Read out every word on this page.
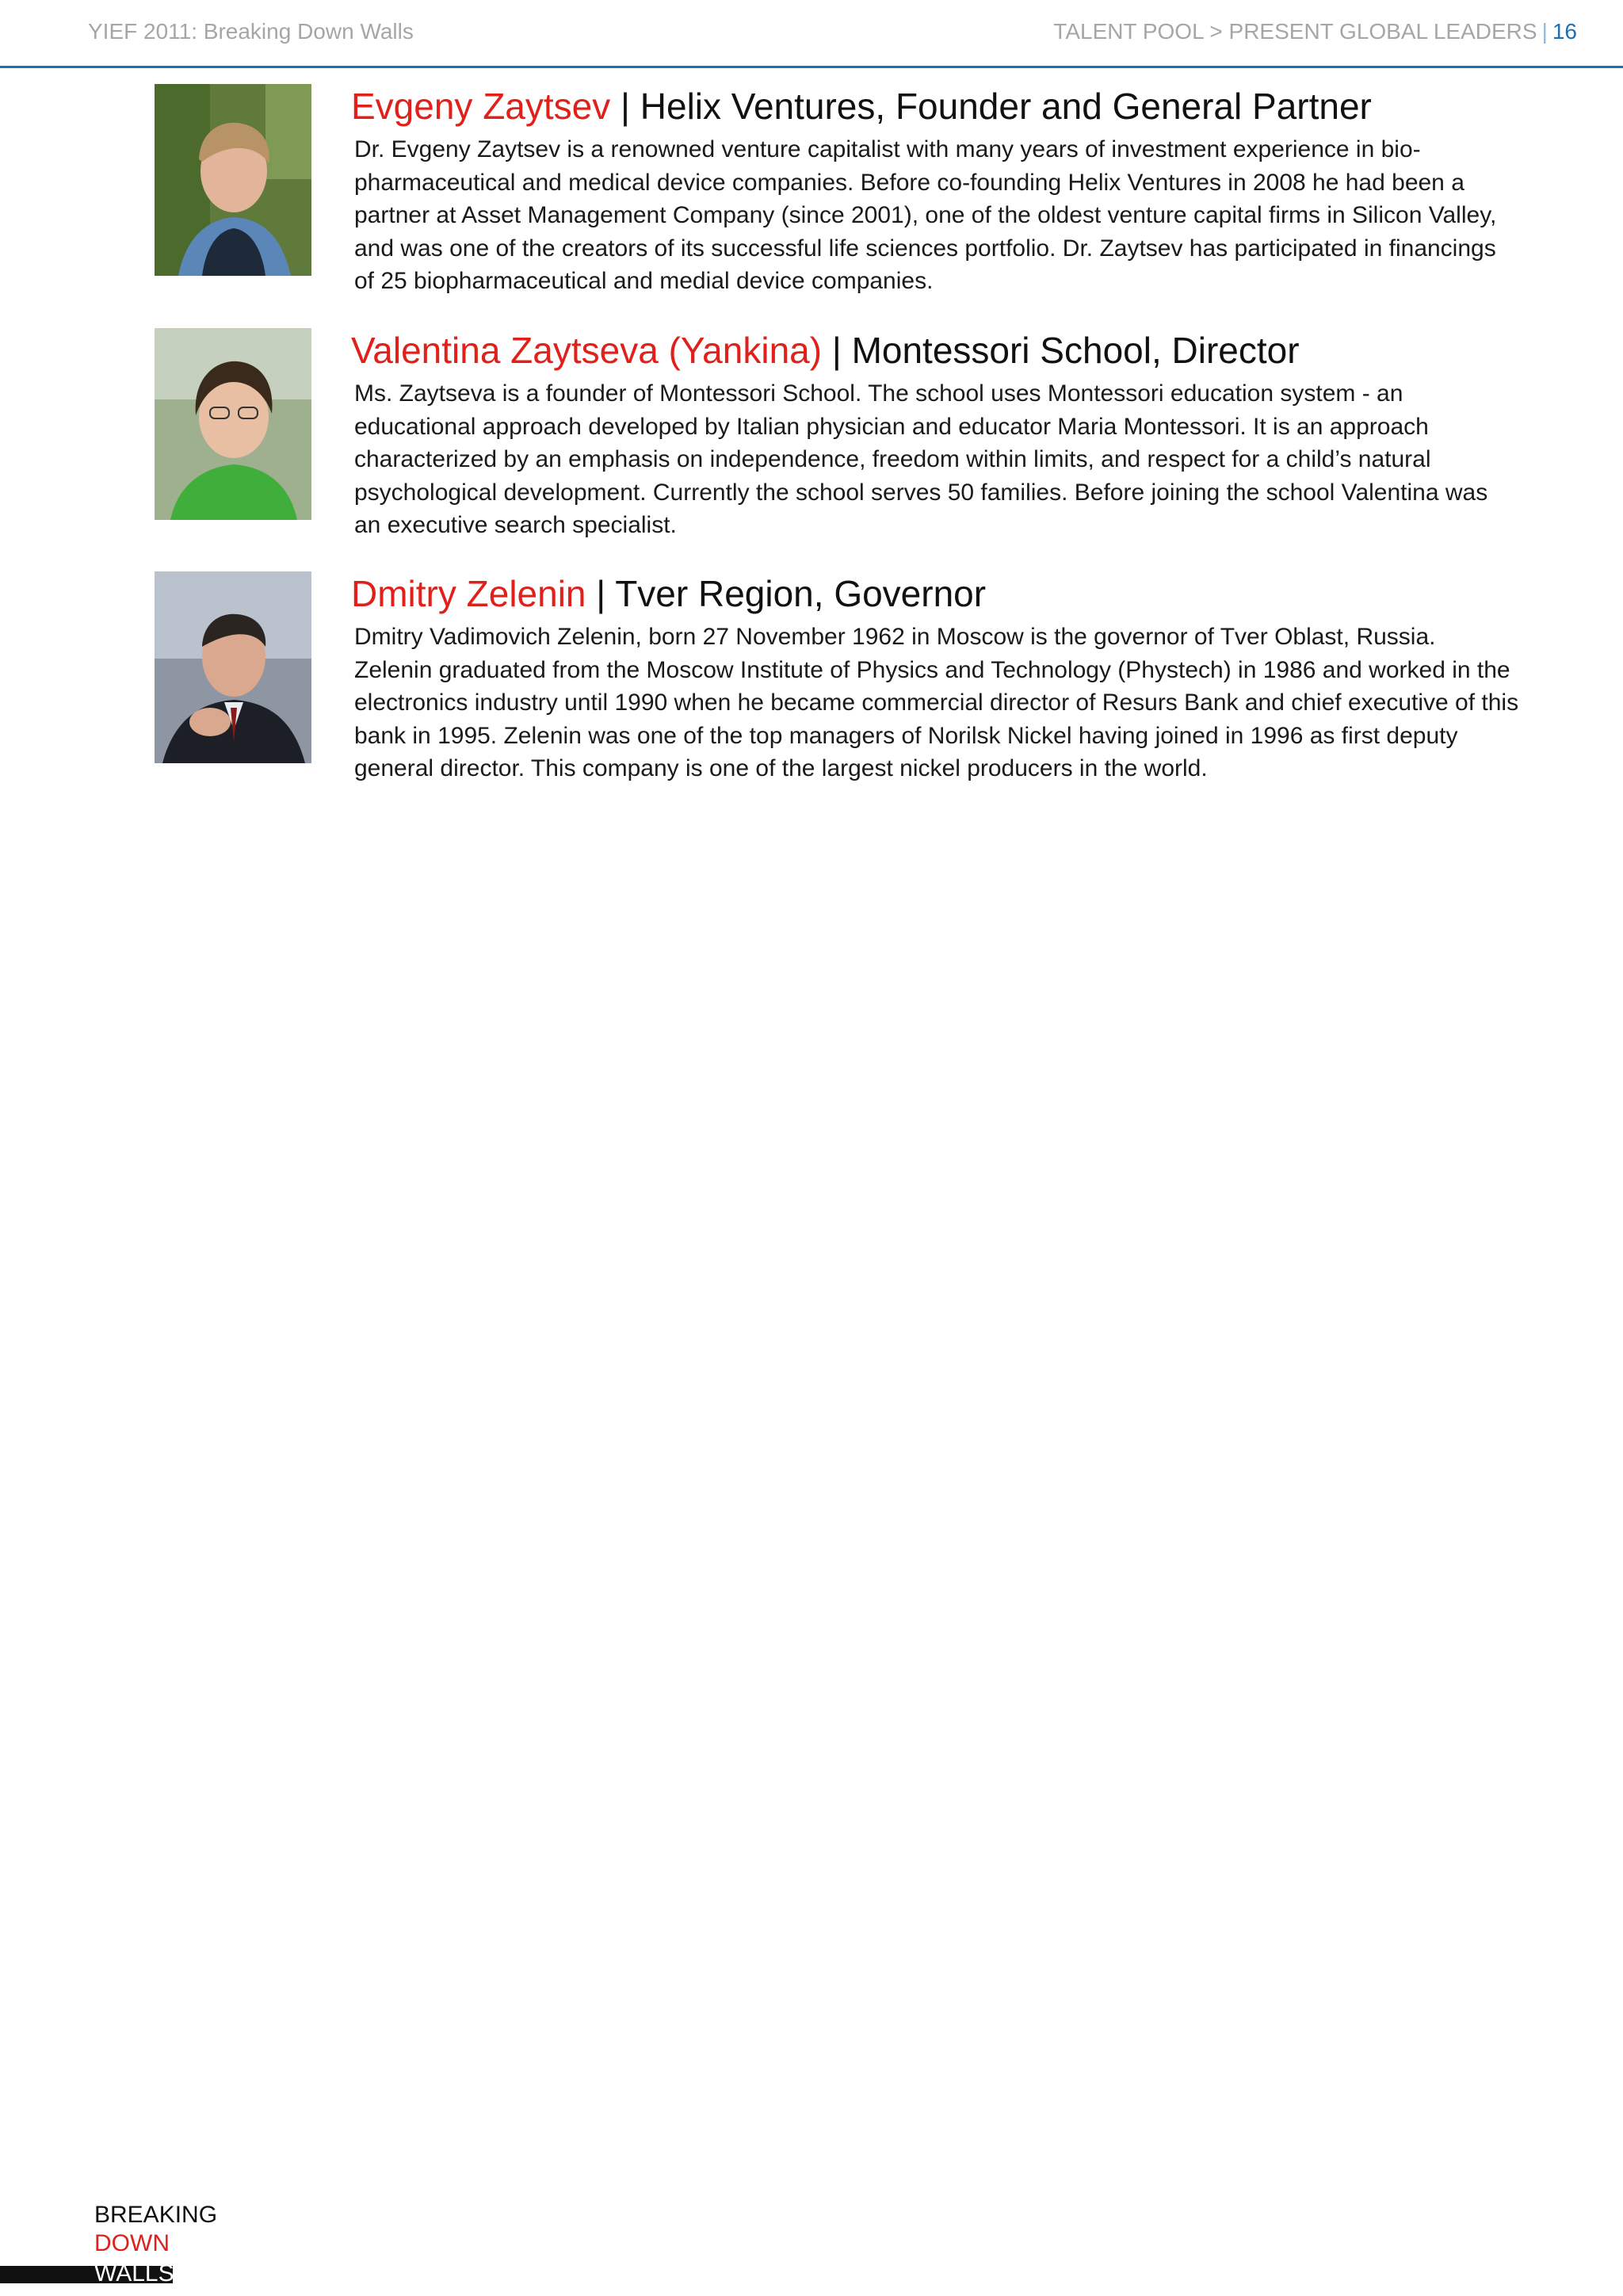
YIEF 2011: Breaking Down Walls	TALENT POOL > PRESENT GLOBAL LEADERS | 16
Evgeny Zaytsev | Helix Ventures, Founder and General Partner

Dr. Evgeny Zaytsev is a renowned venture capitalist with many years of investment experience in bio-pharmaceutical and medical device companies. Before co-founding Helix Ventures in 2008 he had been a partner at Asset Management Company (since 2001), one of the oldest venture capital firms in Silicon Valley, and was one of the creators of its successful life sciences portfolio. Dr. Zaytsev has participated in financings of 25 biopharmaceutical and medial device companies.

Valentina Zaytseva (Yankina) | Montessori School, Director

Ms. Zaytseva is a founder of Montessori School. The school uses Montessori education system - an educational approach developed by Italian physician and educator Maria Montessori. It is an approach characterized by an emphasis on independence, freedom within limits, and respect for a child’s natural psychological development. Currently the school serves 50 families. Before joining the school Valentina was an executive search specialist.

Dmitry Zelenin | Tver Region, Governor

Dmitry Vadimovich Zelenin, born 27 November 1962 in Moscow is the governor of Tver Oblast, Russia. Zelenin graduated from the Moscow Institute of Physics and Technology (Phystech) in 1986 and worked in the electronics industry until 1990 when he became commercial director of Resurs Bank and chief executive of this bank in 1995. Zelenin was one of the top managers of Norilsk Nickel having joined in 1996 as first deputy general director. This company is one of the largest nickel producers in the world.

BREAKING
DOWN
WALLS
